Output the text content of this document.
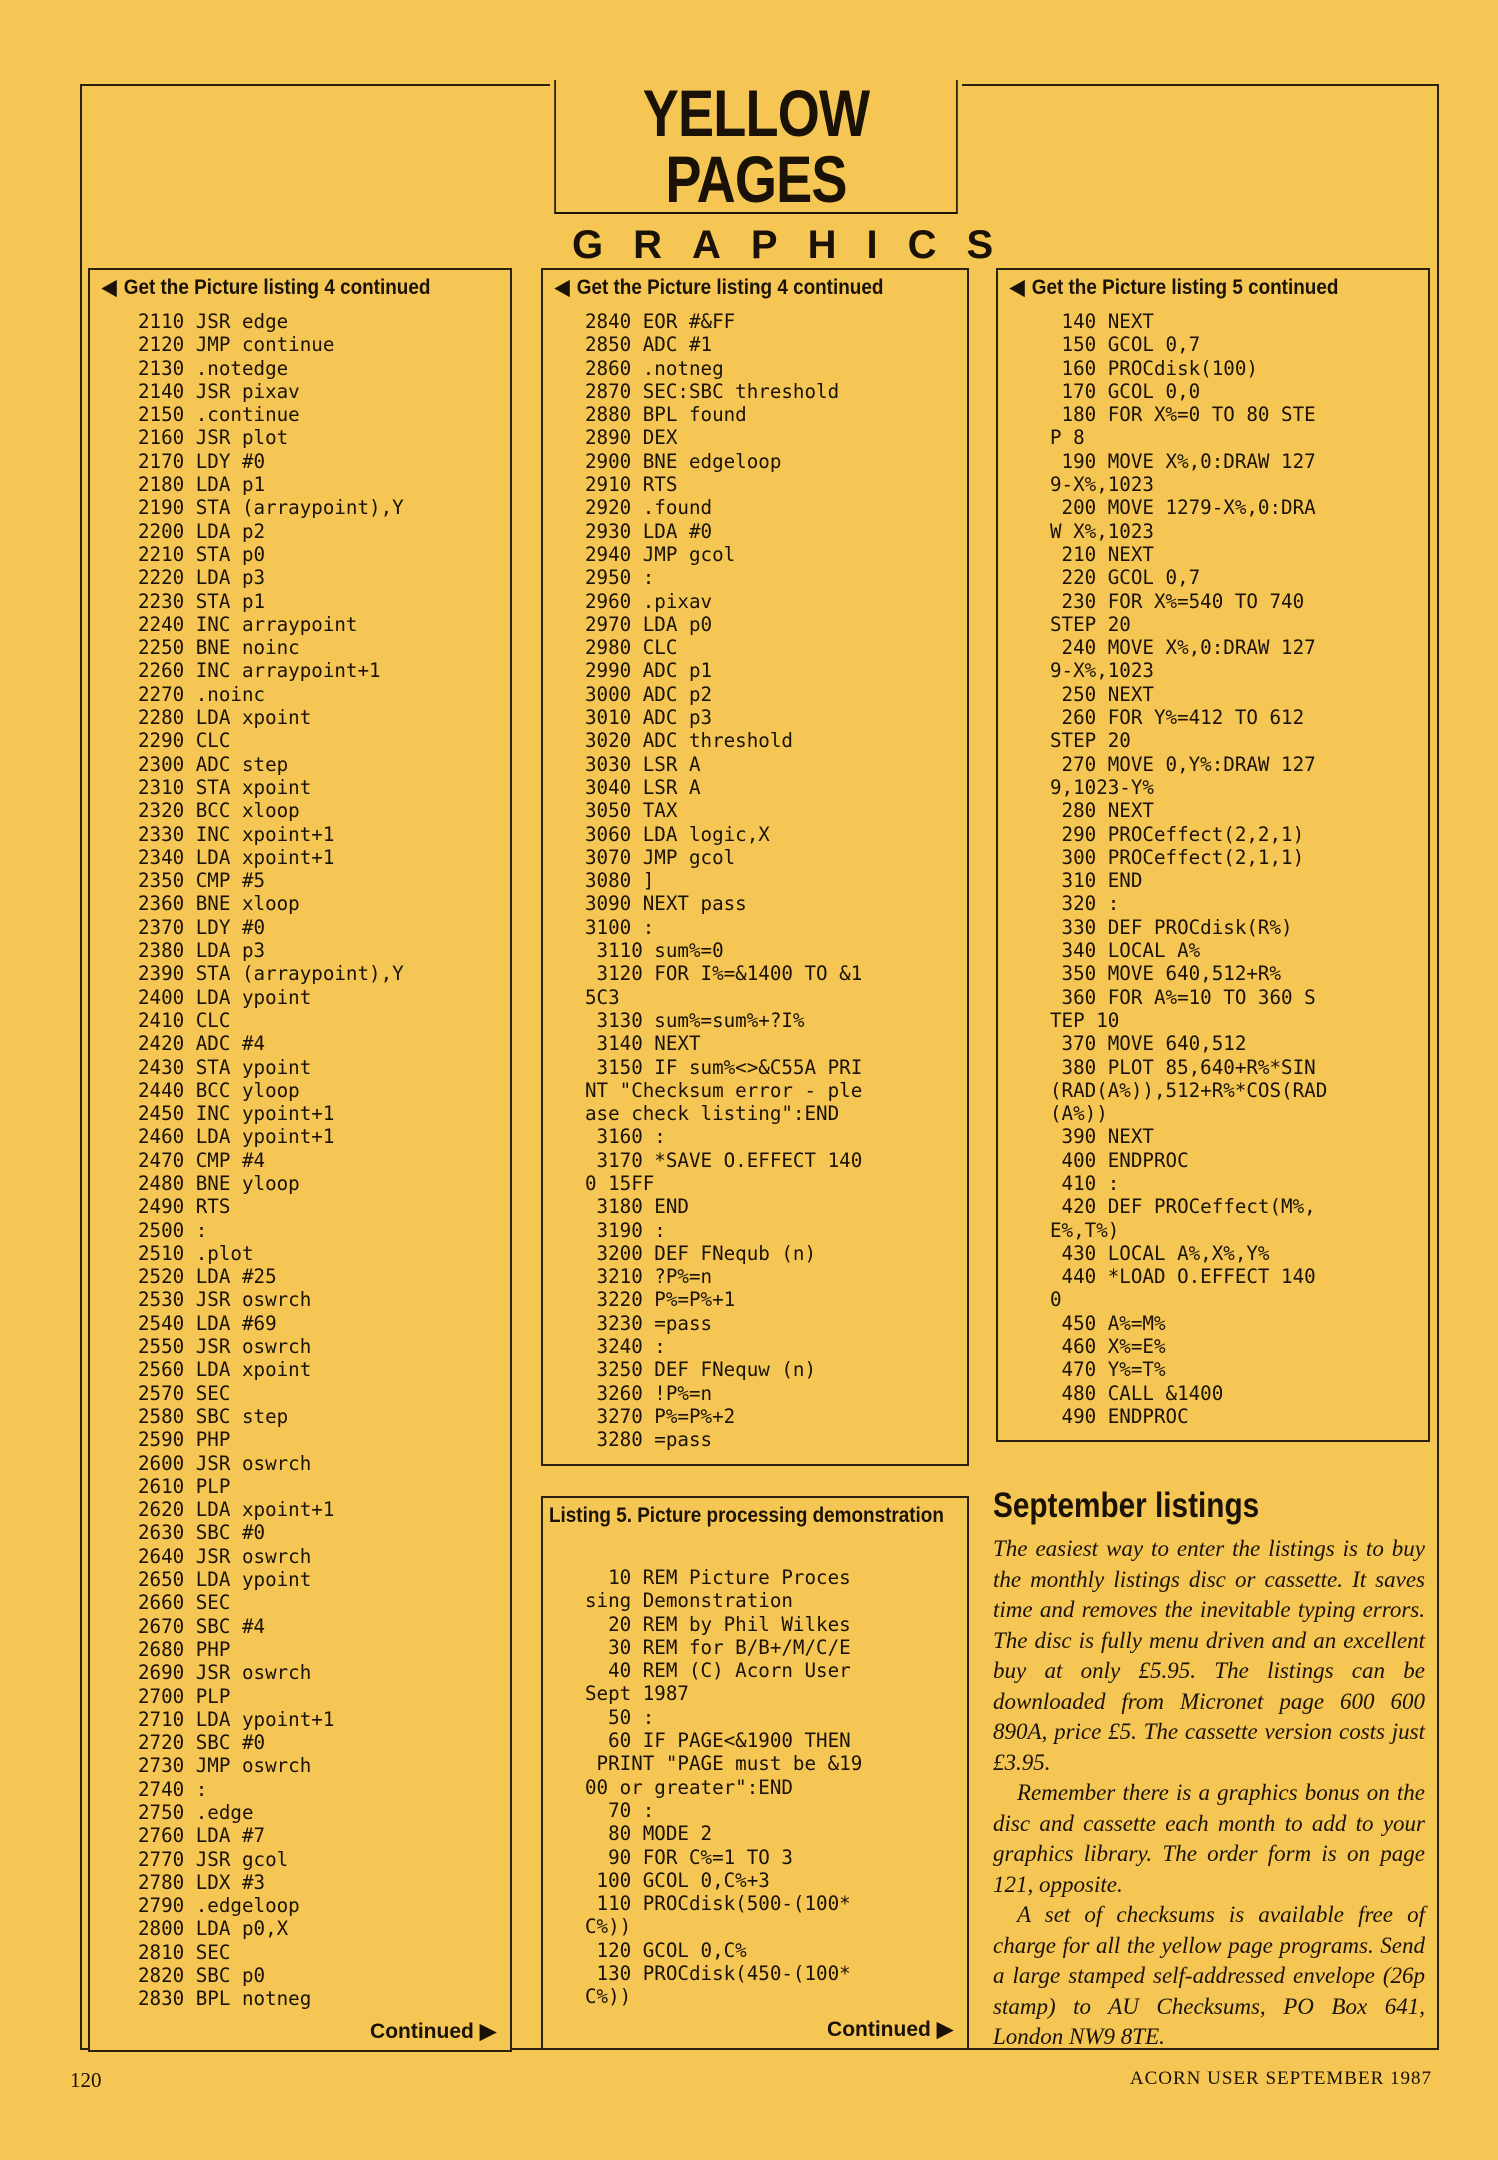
YELLOW PAGES
GRAPHICS
◀ Get the Picture listing 4 continued
2110 JSR edge
2120 JMP continue
2130 .notedge
2140 JSR pixav
2150 .continue
2160 JSR plot
2170 LDY #0
2180 LDA p1
2190 STA (arraypoint),Y
2200 LDA p2
2210 STA p0
2220 LDA p3
2230 STA p1
2240 INC arraypoint
2250 BNE noinc
2260 INC arraypoint+1
2270 .noinc
2280 LDA xpoint
2290 CLC
2300 ADC step
2310 STA xpoint
2320 BCC xloop
2330 INC xpoint+1
2340 LDA xpoint+1
2350 CMP #5
2360 BNE xloop
2370 LDY #0
2380 LDA p3
2390 STA (arraypoint),Y
2400 LDA ypoint
2410 CLC
2420 ADC #4
2430 STA ypoint
2440 BCC yloop
2450 INC ypoint+1
2460 LDA ypoint+1
2470 CMP #4
2480 BNE yloop
2490 RTS
2500 :
2510 .plot
2520 LDA #25
2530 JSR oswrch
2540 LDA #69
2550 JSR oswrch
2560 LDA xpoint
2570 SEC
2580 SBC step
2590 PHP
2600 JSR oswrch
2610 PLP
2620 LDA xpoint+1
2630 SBC #0
2640 JSR oswrch
2650 LDA ypoint
2660 SEC
2670 SBC #4
2680 PHP
2690 JSR oswrch
2700 PLP
2710 LDA ypoint+1
2720 SBC #0
2730 JMP oswrch
2740 :
2750 .edge
2760 LDA #7
2770 JSR gcol
2780 LDX #3
2790 .edgeloop
2800 LDA p0,X
2810 SEC
2820 SBC p0
2830 BPL notneg
Continued ▶
◀ Get the Picture listing 4 continued
2840 EOR #&FF
2850 ADC #1
2860 .notneg
2870 SEC:SBC threshold
2880 BPL found
2890 DEX
2900 BNE edgeloop
2910 RTS
2920 .found
2930 LDA #0
2940 JMP gcol
2950 :
2960 .pixav
2970 LDA p0
2980 CLC
2990 ADC p1
3000 ADC p2
3010 ADC p3
3020 ADC threshold
3030 LSR A
3040 LSR A
3050 TAX
3060 LDA logic,X
3070 JMP gcol
3080 ]
3090 NEXT pass
3100 :
3110 sum%=0
3120 FOR I%=&1400 TO &1
5C3
3130 sum%=sum%+?I%
3140 NEXT
3150 IF sum%<>&C55A PRI
NT "Checksum error - ple
ase check listing":END
3160 :
3170 *SAVE O.EFFECT 140
0 15FF
3180 END
3190 :
3200 DEF FNequb (n)
3210 ?P%=n
3220 P%=P%+1
3230 =pass
3240 :
3250 DEF FNequw (n)
3260 !P%=n
3270 P%=P%+2
3280 =pass
◀ Get the Picture listing 5 continued
140 NEXT
150 GCOL 0,7
160 PROCdisk(100)
170 GCOL 0,0
180 FOR X%=0 TO 80 STE
P 8
190 MOVE X%,0:DRAW 127
9-X%,1023
200 MOVE 1279-X%,0:DRA
W X%,1023
210 NEXT
220 GCOL 0,7
230 FOR X%=540 TO 740
STEP 20
240 MOVE X%,0:DRAW 127
9-X%,1023
250 NEXT
260 FOR Y%=412 TO 612
STEP 20
270 MOVE 0,Y%:DRAW 127
9,1023-Y%
280 NEXT
290 PROCeffect(2,2,1)
300 PROCeffect(2,1,1)
310 END
320 :
330 DEF PROCdisk(R%)
340 LOCAL A%
350 MOVE 640,512+R%
360 FOR A%=10 TO 360 S
TEP 10
370 MOVE 640,512
380 PLOT 85,640+R%*SIN
(RAD(A%)),512+R%*COS(RAD
(A%))
390 NEXT
400 ENDPROC
410 :
420 DEF PROCeffect(M%,
E%,T%)
430 LOCAL A%,X%,Y%
440 *LOAD O.EFFECT 140
0
450 A%=M%
460 X%=E%
470 Y%=T%
480 CALL &1400
490 ENDPROC
Listing 5. Picture processing demonstration
10 REM Picture Proces
sing Demonstration
20 REM by Phil Wilkes
30 REM for B/B+/M/C/E
40 REM (C) Acorn User
Sept 1987
50 :
60 IF PAGE<&1900 THEN
PRINT "PAGE must be &19
00 or greater":END
70 :
80 MODE 2
90 FOR C%=1 TO 3
100 GCOL 0,C%+3
110 PROCdisk(500-(100*
C%))
120 GCOL 0,C%
130 PROCdisk(450-(100*
C%))
Continued ▶
September listings

The easiest way to enter the listings is to buy the monthly listings disc or cassette. It saves time and removes the inevitable typing errors. The disc is fully menu driven and an excellent buy at only £5.95. The listings can be downloaded from Micronet page 600 600 890A, price £5. The cassette version costs just £3.95.

Remember there is a graphics bonus on the disc and cassette each month to add to your graphics library. The order form is on page 121, opposite.

A set of checksums is available free of charge for all the yellow page programs. Send a large stamped self-addressed envelope (26p stamp) to AU Checksums, PO Box 641, London NW9 8TE.

120	ACORN USER SEPTEMBER 1987
